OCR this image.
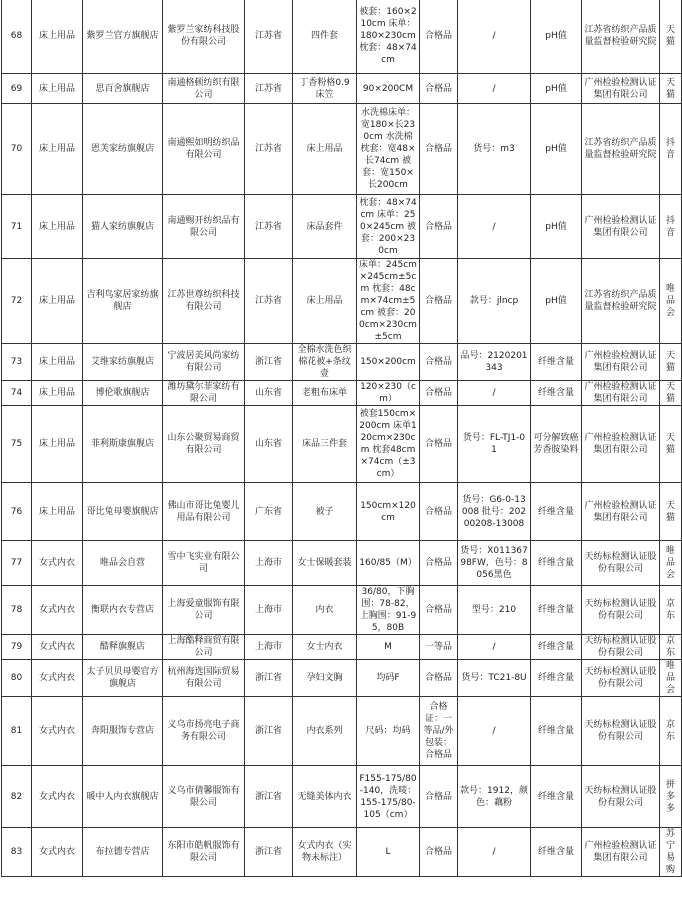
68	床上用品	紫罗兰官方旗舰店	紫罗兰家纺科技股份有限公司	江苏省	四件套	被套：160×210cm 床单：180×230cm 枕套：48×74cm	合格品	/	pH值	江苏省纺织产品质量监督检验研究院	天猫
69	床上用品	思百舍旗舰店	南通格顿纺织有限公司	江苏省	丁香粉格0.9床笠	90×200CM	合格品	/	pH值	广州检验检测认证集团有限公司	天猫
70	床上用品	恩芙家纺旗舰店	南通熙如明纺织品有限公司	江苏省	床上用品	水洗棉床单：宽180×长230cm 水洗棉枕套：宽48×长74cm 被套：宽150×长200cm	合格品	货号：m3	pH值	江苏省纺织产品质量监督检验研究院	抖音
71	床上用品	猫人家纺旗舰店	南通赐开纺织品有限公司	江苏省	床品套件	枕套：48×74cm 床单：250×245cm 被套：200×230cm	合格品	/	pH值	广州检验检测认证集团有限公司	抖音
72	床上用品	吉利鸟家居家纺旗舰店	江苏世尊纺织科技有限公司	江苏省	床上用品	床单：245cm×245cm±5cm 枕套：48cm×74cm±5cm 被套：200cm×230cm±5cm	合格品	款号：jlncp	pH值	江苏省纺织产品质量监督检验研究院	唯品会
73	床上用品	艾维家纺旗舰店	宁波居美风尚家纺有限公司	浙江省	全棉水洗色织棉花被+条纹壹	150×200cm	合格品	品号：2120201343	纤维含量	广州检验检测认证集团有限公司	天猫
74	床上用品	博伦歌旗舰店	潍坊黛尔菲家纺有限公司	山东省	老粗布床单	120×230（cm）	合格品	/	纤维含量	广州检验检测认证集团有限公司	天猫
75	床上用品	菲利斯康旗舰店	山东公聚贸易商贸有限公司	山东省	床品三件套	被套150cm×200cm 床单120cm×230cm 枕套48cm×74cm（±3cm）	合格品	货号：FL-TJ1-01	可分解致癌芳香胺染料	广州检验检测认证集团有限公司	天猫
76	床上用品	哥比兔母婴旗舰店	佛山市哥比兔婴儿用品有限公司	广东省	被子	150cm×120cm	合格品	货号：G6-0-13008 批号：20200208-13008	纤维含量	广州检验检测认证集团有限公司	天猫
77	女式内衣	唯品会自营	雪中飞实业有限公司	上海市	女士保暖套装	160/85（M）	合格品	货号：X01136798FW，色号：8056黑色	纤维含量	天纺标检测认证股份有限公司	唯品会
78	女式内衣	衡联内衣专营店	上海爱童服饰有限公司	上海市	内衣	36/80，下胸围：78-82，上胸围：91-95，80B	合格品	型号：210	纤维含量	天纺标检测认证股份有限公司	京东
79	女式内衣	酷释旗舰店	上海酷释商贸有限公司	上海市	女士内衣	M	一等品	/	纤维含量	天纺标检测认证股份有限公司	京东
80	女式内衣	太子贝贝母婴官方旗舰店	杭州海选国际贸易有限公司	浙江省	孕妇文胸	均码F	合格品	货号：TC21-8U	纤维含量	天纺标检测认证股份有限公司	唯品会
81	女式内衣	奔阳服饰专营店	义乌市扬亮电子商务有限公司	浙江省	内衣系列	尺码：均码	合格证：一等品/外包装：合格品	/	纤维含量	天纺标检测认证股份有限公司	京东
82	女式内衣	暖中人内衣旗舰店	义乌市倩馨服饰有限公司	浙江省	无缝美体内衣	F155-175/80-140，洗唛：155-175/80-105（cm）	合格品	款号：1912，颜色：藕粉	纤维含量	天纺标检测认证股份有限公司	拼多多
83	女式内衣	布拉德专营店	东阳市皓帆服饰有限公司	浙江省	女式内衣（实物未标注）	L	合格品	/	纤维含量	广州检验检测认证集团有限公司	苏宁易购
